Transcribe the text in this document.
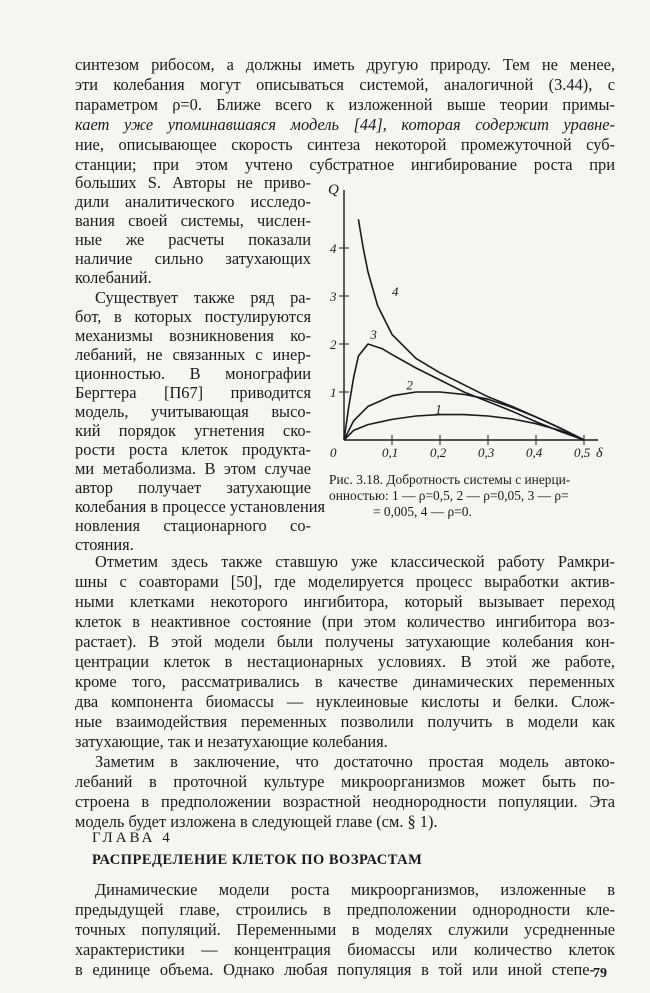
синтезом рибосом, а должны иметь другую природу. Тем не менее,
эти колебания могут описываться системой, аналогичной (3.44), с
параметром ρ=0. Ближе всего к изложенной выше теории примы-
кает уже упоминавшаяся модель [44], которая содержит уравне-
ние, описывающее скорость синтеза некоторой промежуточной суб-
станции; при этом учтено субстратное ингибирование роста при
больших S. Авторы не приво-
дили аналитического исследо-
вания своей системы, числен-
ные же расчеты показали
наличие сильно затухающих
колебаний.
Существует также ряд ра-
бот, в которых постулируются
механизмы возникновения ко-
лебаний, не связанных с инер-
ционностью. В монографии
Бергтера [П67] приводится
модель, учитывающая высо-
кий порядок угнетения ско-
рости роста клеток продукта-
ми метаболизма. В этом случае
автор получает затухающие
колебания в процессе установления
новления стационарного со-
стояния.
1
2
3
4
0	0,1 0,2 0,3 0,4 0,5
Q
δ
1
2
3
4
Рис. 3.18. Добротность системы с инерци-
онностью: 1 — ρ=0,5, 2 — ρ=0,05, 3 — ρ=
= 0,005, 4 — ρ=0.
Отметим здесь также ставшую уже классической работу Рамкри-
шны с соавторами [50], где моделируется процесс выработки актив-
ными клетками некоторого ингибитора, который вызывает переход
клеток в неактивное состояние (при этом количество ингибитора воз-
растает). В этой модели были получены затухающие колебания кон-
центрации клеток в нестационарных условиях. В этой же работе,
кроме того, рассматривались в качестве динамических переменных
два компонента биомассы — нуклеиновые кислоты и белки. Слож-
ные взаимодействия переменных позволили получить в модели как
затухающие, так и незатухающие колебания.
Заметим в заключение, что достаточно простая модель автоко-
лебаний в проточной культуре микроорганизмов может быть по-
строена в предположении возрастной неоднородности популяции. Эта
модель будет изложена в следующей главе (см. § 1).
ГЛАВА 4
РАСПРЕДЕЛЕНИЕ КЛЕТОК ПО ВОЗРАСТАМ
Динамические модели роста микроорганизмов, изложенные в
предыдущей главе, строились в предположении однородности кле-
точных популяций. Переменными в моделях служили усредненные
характеристики — концентрация биомассы или количество клеток
в единице объема. Однако любая популяция в той или иной степе-
79
